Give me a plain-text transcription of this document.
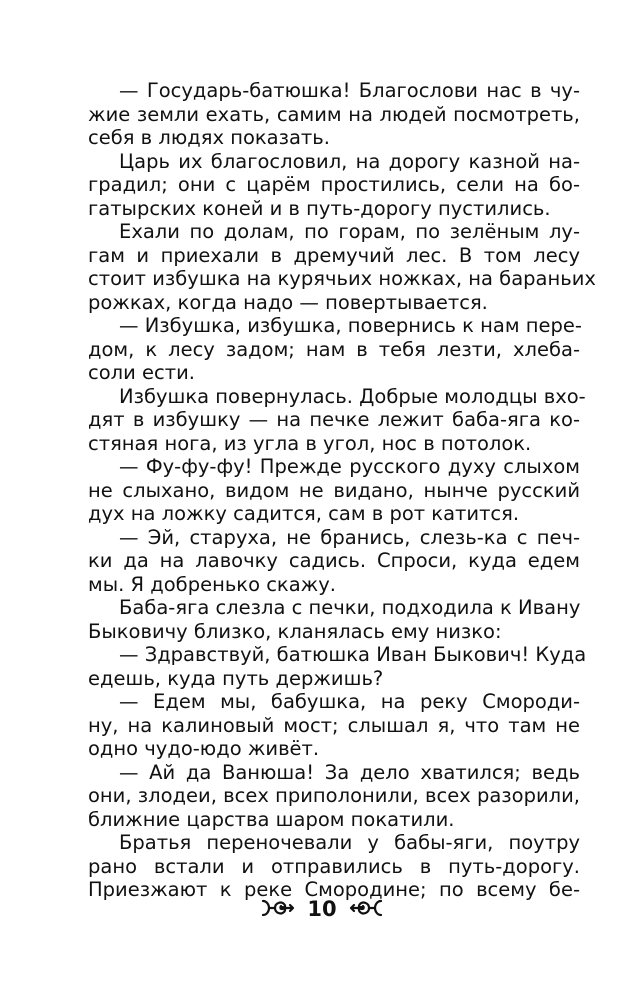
— Государь-батюшка! Благослови нас в чу-
жие земли ехать, самим на людей посмотреть,
себя в людях показать.

Царь их благословил, на дорогу казной на-
градил; они с царём простились, сели на бо-
гатырских коней и в путь-дорогу пустились.

Ехали по долам, по горам, по зелёным лу-
гам и приехали в дремучий лес. В том лесу
стоит избушка на курячьих ножках, на бараньих
рожках, когда надо — повертывается.

— Избушка, избушка, повернись к нам пере-
дом, к лесу задом; нам в тебя лезти, хлеба-
соли ести.

Избушка повернулась. Добрые молодцы вхо-
дят в избушку — на печке лежит баба-яга ко-
стяная нога, из угла в угол, нос в потолок.

— Фу-фу-фу! Прежде русского духу слыхом
не слыхано, видом не видано, нынче русский
дух на ложку садится, сам в рот катится.

— Эй, старуха, не бранись, слезь-ка с печ-
ки да на лавочку садись. Спроси, куда едем
мы. Я добренько скажу.

Баба-яга слезла с печки, подходила к Ивану
Быковичу близко, кланялась ему низко:

— Здравствуй, батюшка Иван Быкович! Куда
едешь, куда путь держишь?

— Едем мы, бабушка, на реку Смороди-
ну, на калиновый мост; слышал я, что там не
одно чудо-юдо живёт.

— Ай да Ванюша! За дело хватился; ведь
они, злодеи, всех приполонили, всех разорили,
ближние царства шаром покатили.

Братья переночевали у бабы-яги, поутру
рано встали и отправились в путь-дорогу.
Приезжают к реке Смородине; по всему бе-

10
